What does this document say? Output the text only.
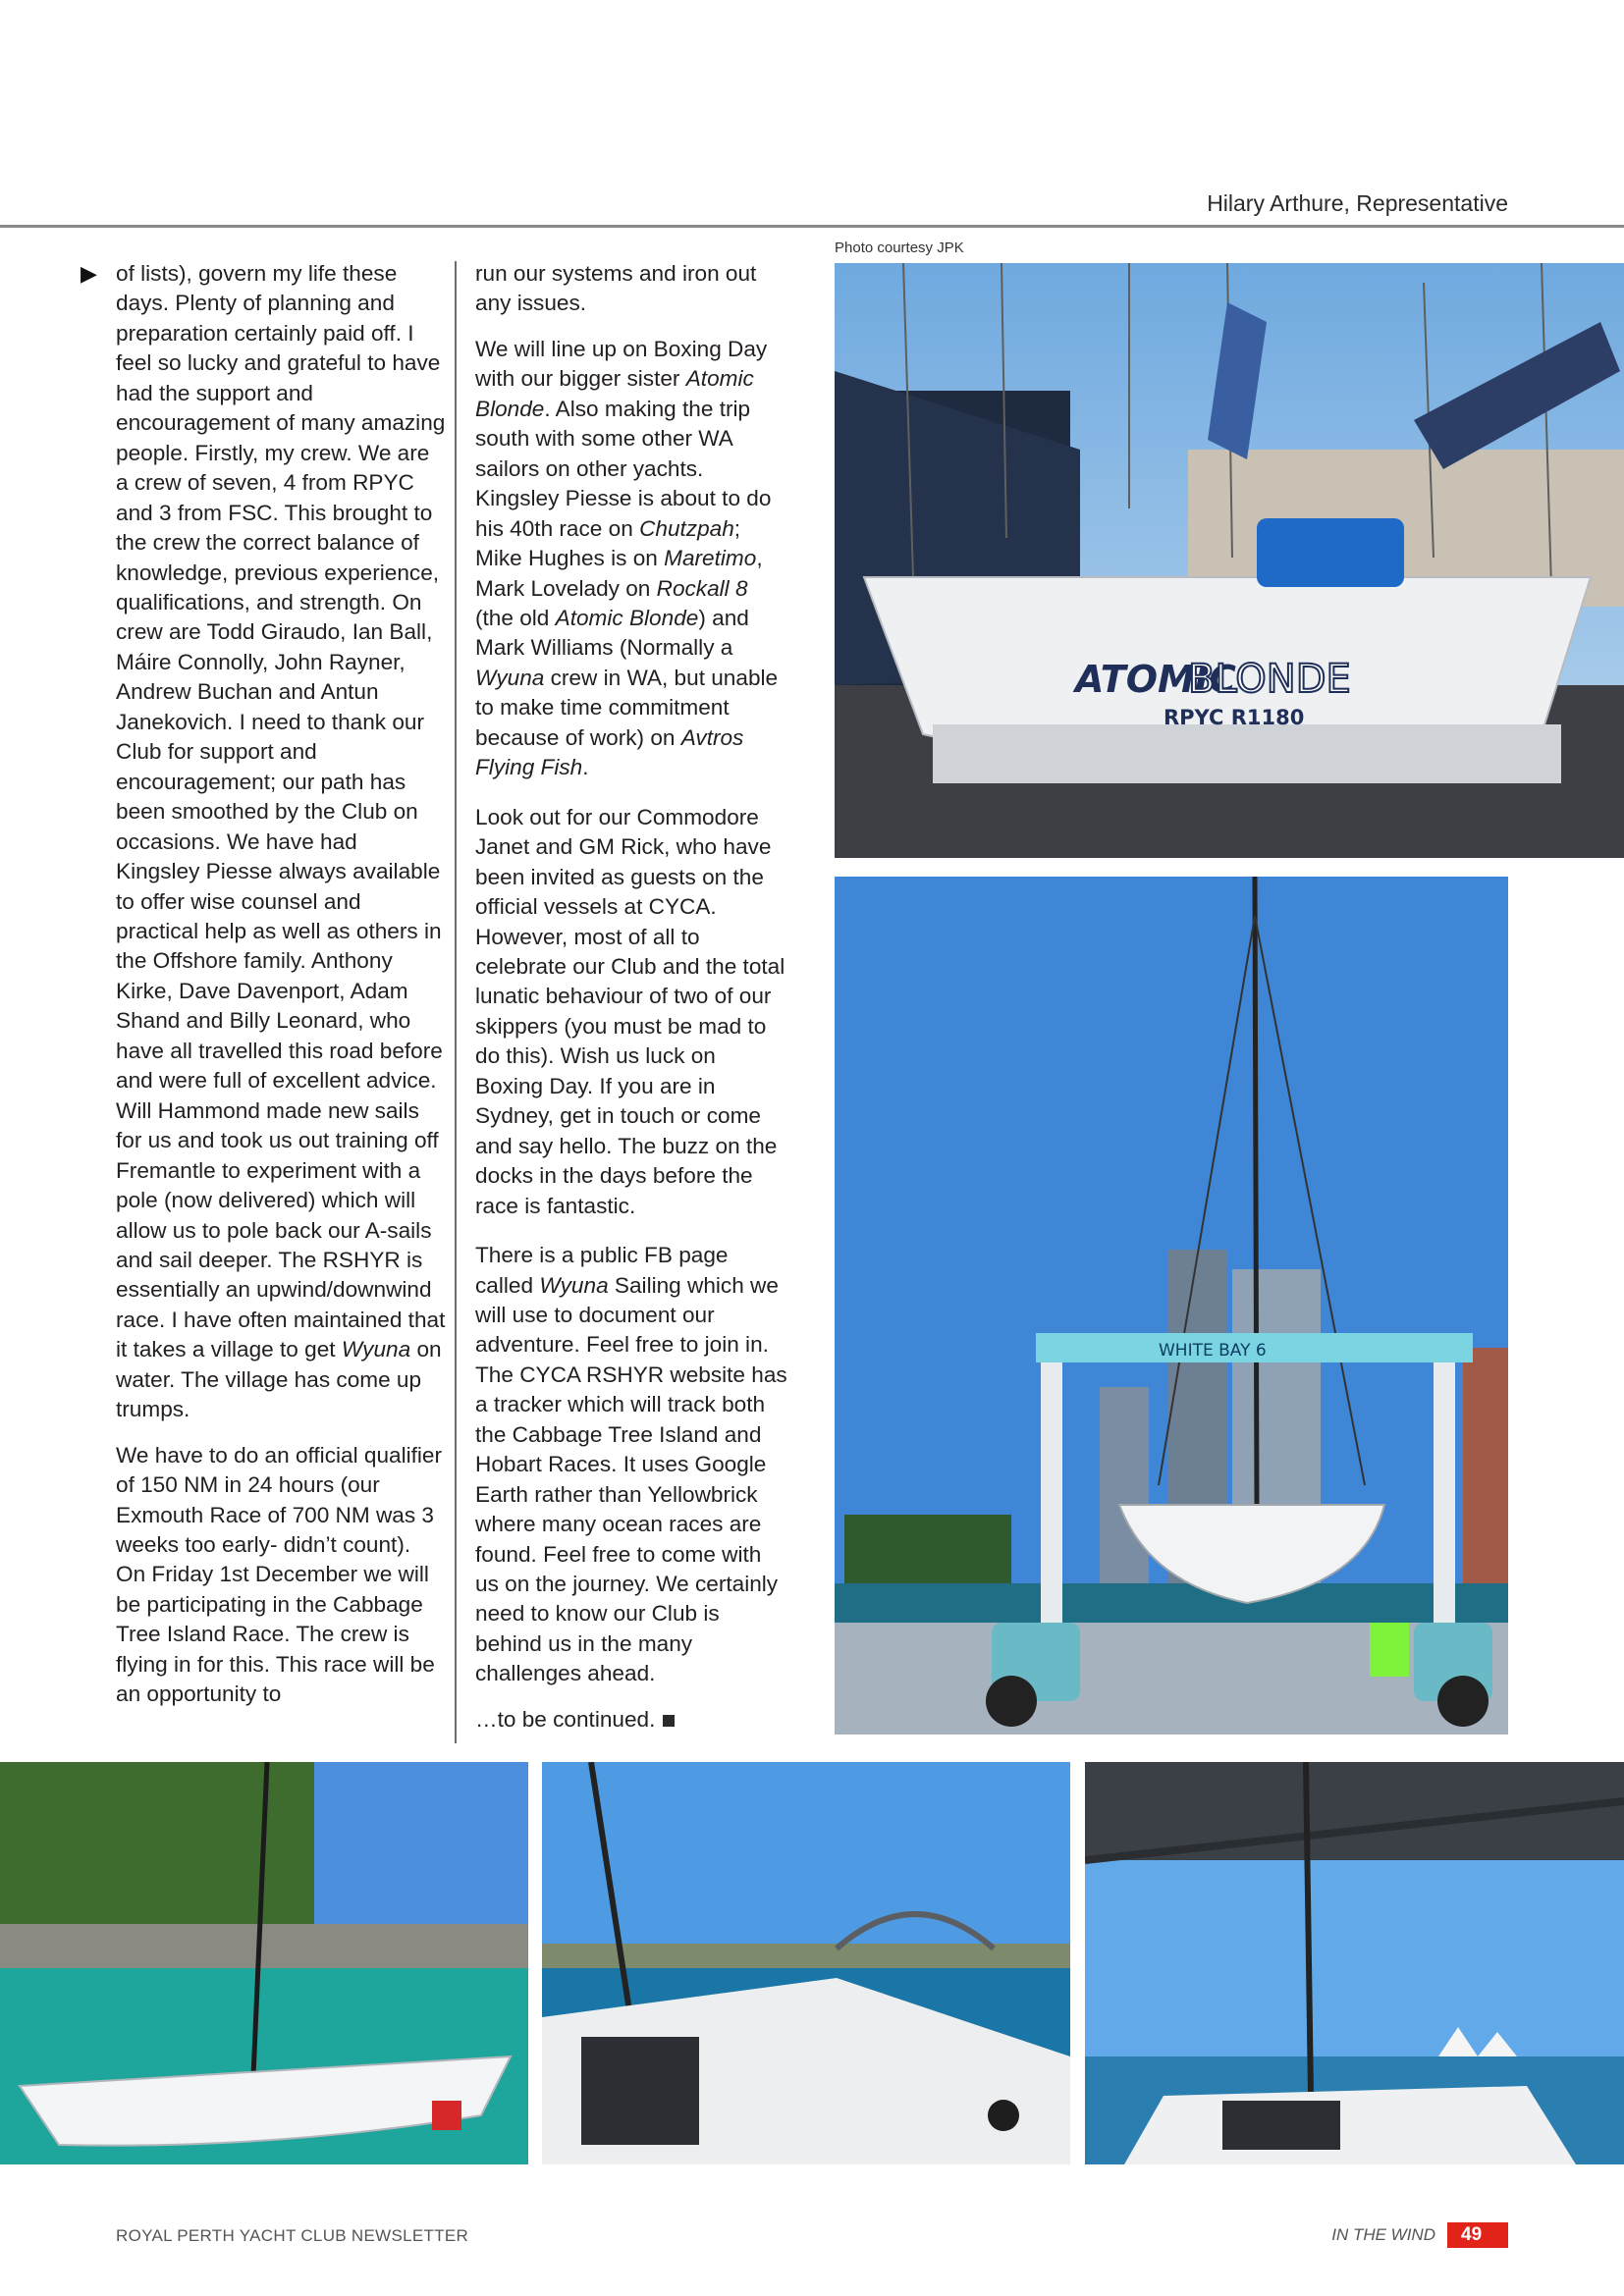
Hilary Arthure, Representative
Photo courtesy JPK
▶ of lists), govern my life these days. Plenty of planning and preparation certainly paid off. I feel so lucky and grateful to have had the support and encouragement of many amazing people. Firstly, my crew. We are a crew of seven, 4 from RPYC and 3 from FSC. This brought to the crew the correct balance of knowledge, previous experience, qualifications, and strength. On crew are Todd Giraudo, Ian Ball, Máire Connolly, John Rayner, Andrew Buchan and Antun Janekovich. I need to thank our Club for support and encouragement; our path has been smoothed by the Club on occasions. We have had Kingsley Piesse always available to offer wise counsel and practical help as well as others in the Offshore family. Anthony Kirke, Dave Davenport, Adam Shand and Billy Leonard, who have all travelled this road before and were full of excellent advice. Will Hammond made new sails for us and took us out training off Fremantle to experiment with a pole (now delivered) which will allow us to pole back our A-sails and sail deeper. The RSHYR is essentially an upwind/downwind race. I have often maintained that it takes a village to get Wyuna on water. The village has come up trumps.

We have to do an official qualifier of 150 NM in 24 hours (our Exmouth Race of 700 NM was 3 weeks too early- didn’t count). On Friday 1st December we will be participating in the Cabbage Tree Island Race. The crew is flying in for this. This race will be an opportunity to

run our systems and iron out any issues.

We will line up on Boxing Day with our bigger sister Atomic Blonde. Also making the trip south with some other WA sailors on other yachts. Kingsley Piesse is about to do his 40th race on Chutzpah; Mike Hughes is on Maretimo, Mark Lovelady on Rockall 8 (the old Atomic Blonde) and Mark Williams (Normally a Wyuna crew in WA, but unable to make time commitment because of work) on Avtros Flying Fish.

Look out for our Commodore Janet and GM Rick, who have been invited as guests on the official vessels at CYCA. However, most of all to celebrate our Club and the total lunatic behaviour of two of our skippers (you must be mad to do this). Wish us luck on Boxing Day. If you are in Sydney, get in touch or come and say hello. The buzz on the docks in the days before the race is fantastic.

There is a public FB page called Wyuna Sailing which we will use to document our adventure. Feel free to join in. The CYCA RSHYR website has a tracker which will track both the Cabbage Tree Island and Hobart Races. It uses Google Earth rather than Yellowbrick where many ocean races are found. Feel free to come with us on the journey. We certainly need to know our Club is behind us in the many challenges ahead.

…to be continued.

ATOMIC
BLONDE
RPYC R1180
WHITE BAY 6
ROYAL PERTH YACHT CLUB NEWSLETTER	IN THE WIND	49
